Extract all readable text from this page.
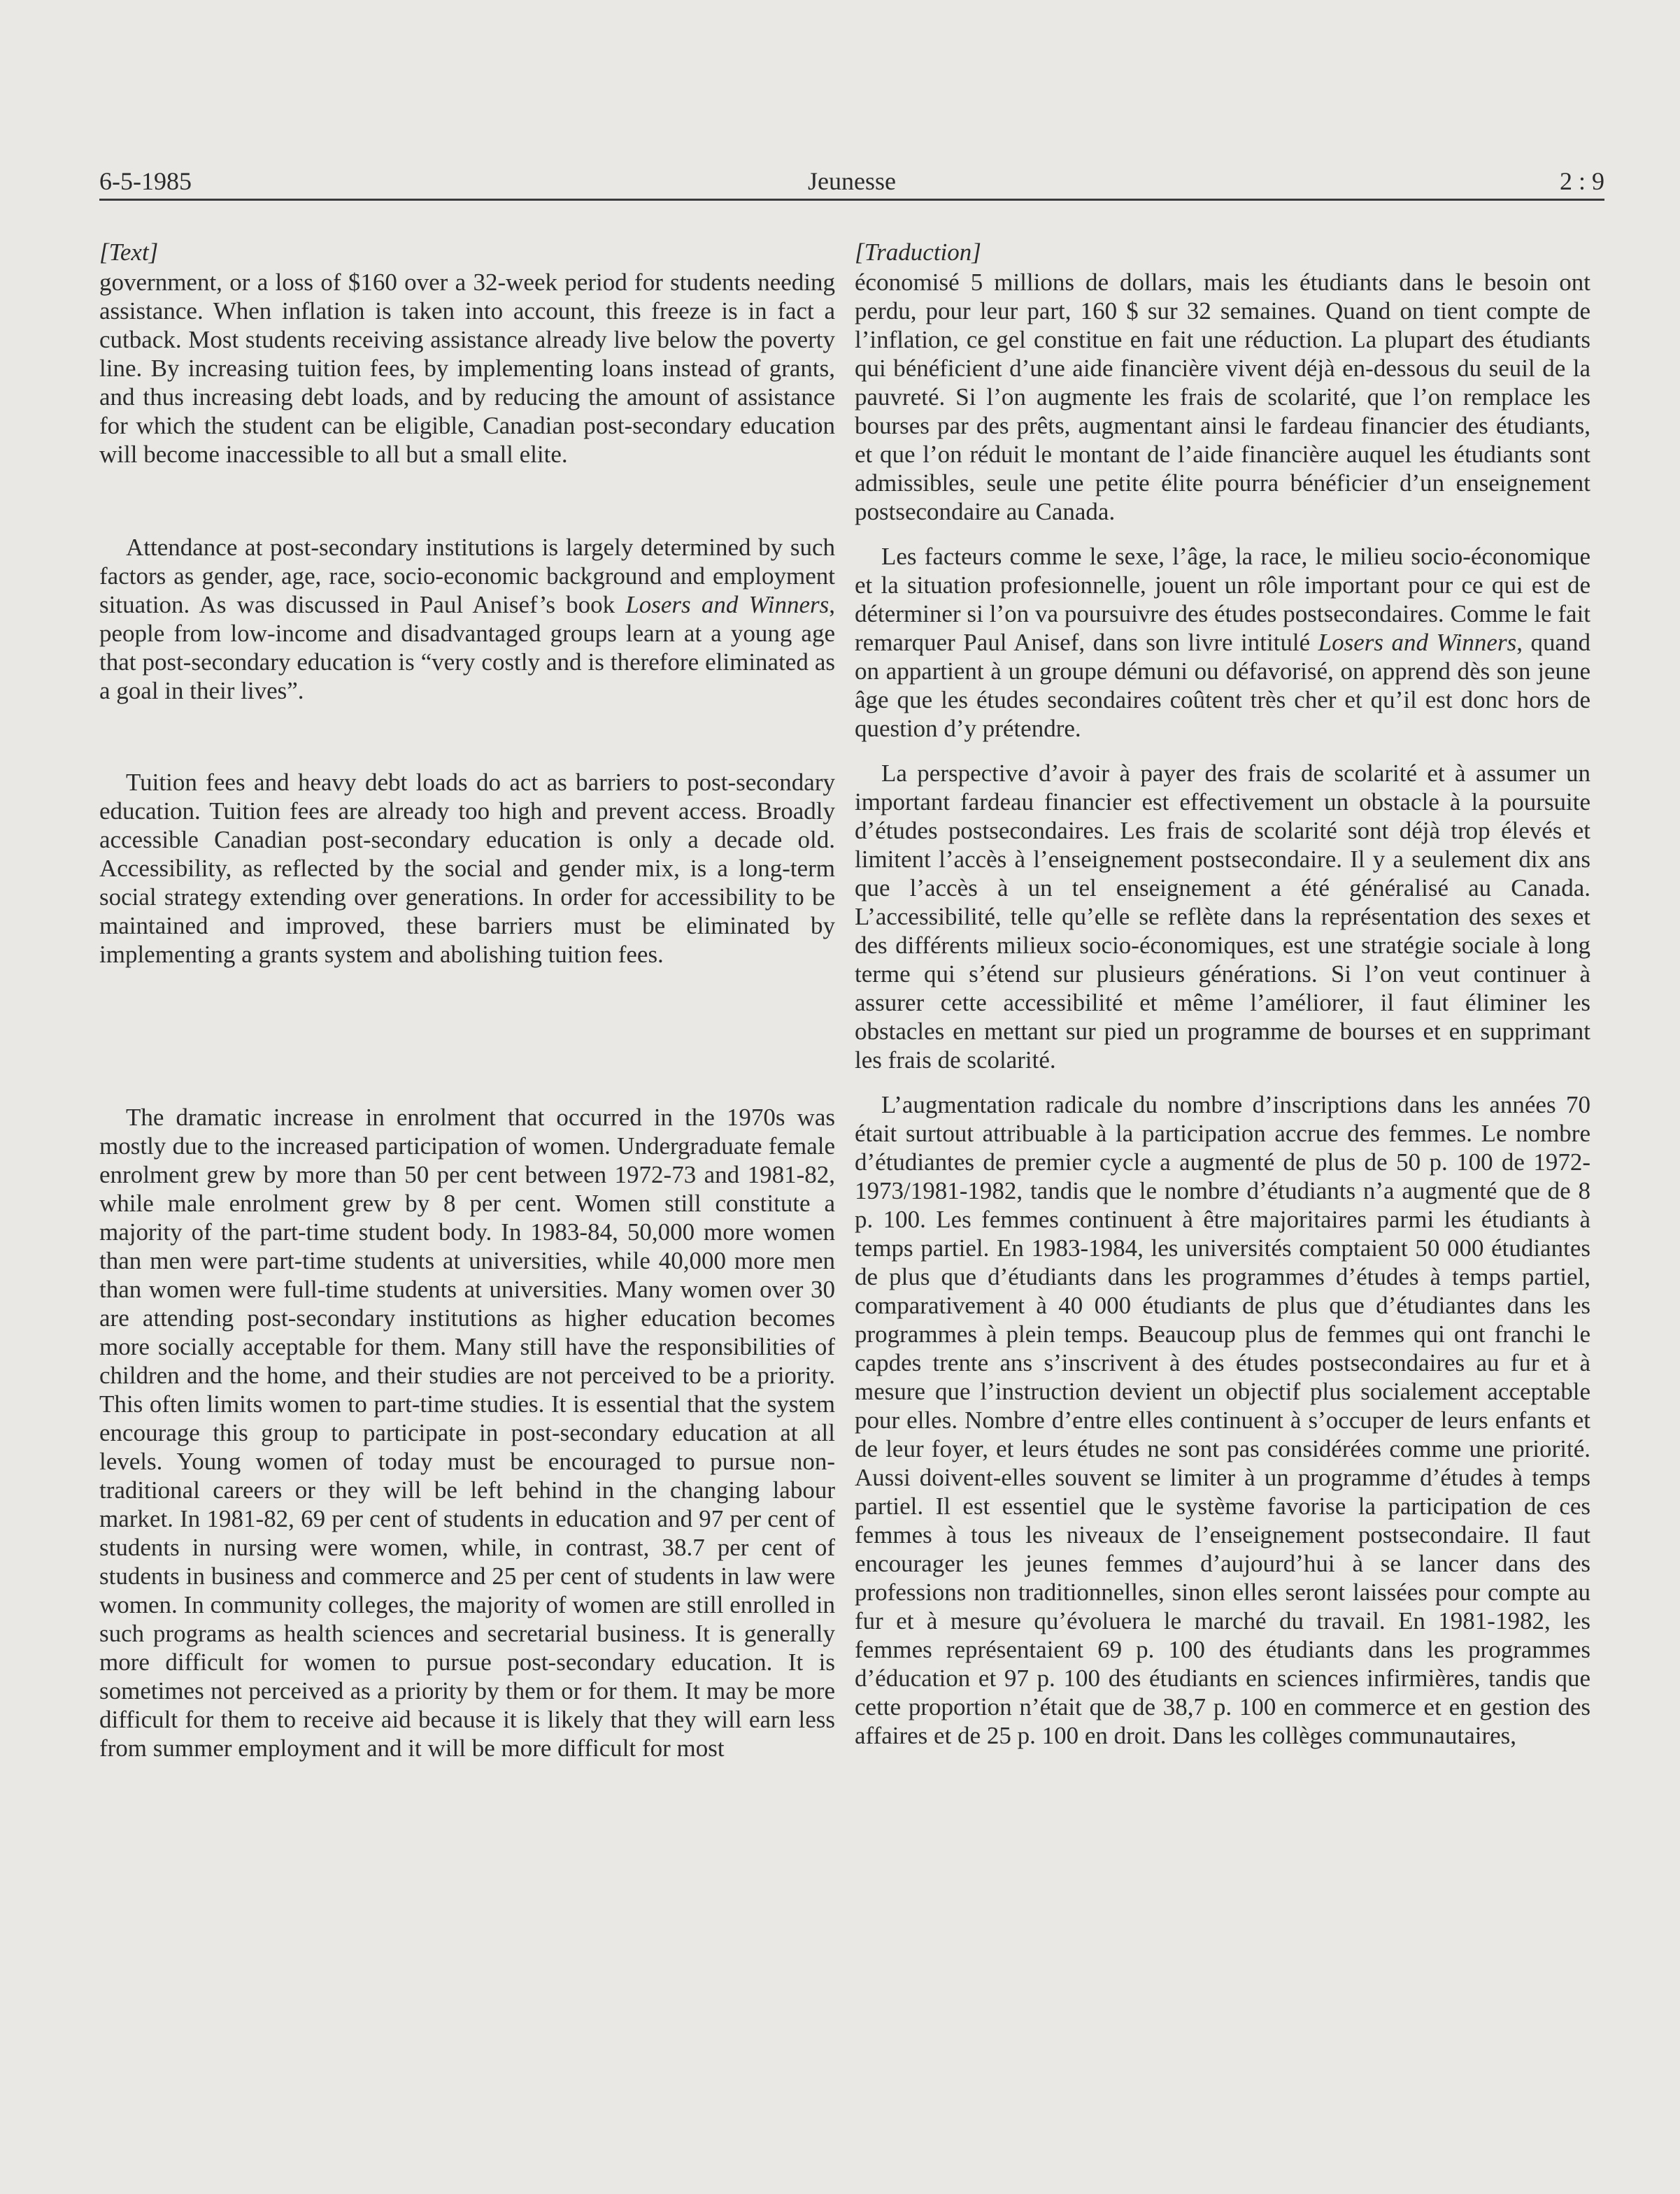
6-5-1985	Jeunesse	2 : 9

[Text]

government, or a loss of $160 over a 32-week period for students needing assistance. When inflation is taken into account, this freeze is in fact a cutback. Most students receiving assistance already live below the poverty line. By increasing tuition fees, by implementing loans instead of grants, and thus increasing debt loads, and by reducing the amount of assistance for which the student can be eligible, Canadian post-secondary education will become inaccessible to all but a small elite.

Attendance at post-secondary institutions is largely determined by such factors as gender, age, race, socio-economic background and employment situation. As was discussed in Paul Anisef’s book Losers and Winners, people from low-income and disadvantaged groups learn at a young age that post-secondary education is “very costly and is therefore eliminated as a goal in their lives”.

Tuition fees and heavy debt loads do act as barriers to post-secondary education. Tuition fees are already too high and prevent access. Broadly accessible Canadian post-secondary education is only a decade old. Accessibility, as reflected by the social and gender mix, is a long-term social strategy extending over generations. In order for accessibility to be maintained and improved, these barriers must be eliminated by implementing a grants system and abolishing tuition fees.

The dramatic increase in enrolment that occurred in the 1970s was mostly due to the increased participation of women. Undergraduate female enrolment grew by more than 50 per cent between 1972-73 and 1981-82, while male enrolment grew by 8 per cent. Women still constitute a majority of the part-time student body. In 1983-84, 50,000 more women than men were part-time students at universities, while 40,000 more men than women were full-time students at universities. Many women over 30 are attending post-secondary institutions as higher education becomes more socially acceptable for them. Many still have the responsibilities of children and the home, and their studies are not perceived to be a priority. This often limits women to part-time studies. It is essential that the system encourage this group to participate in post-secondary education at all levels. Young women of today must be encouraged to pursue non-traditional careers or they will be left behind in the changing labour market. In 1981-82, 69 per cent of students in education and 97 per cent of students in nursing were women, while, in contrast, 38.7 per cent of students in business and commerce and 25 per cent of students in law were women. In community colleges, the majority of women are still enrolled in such programs as health sciences and secretarial business. It is generally more difficult for women to pursue post-secondary education. It is sometimes not perceived as a priority by them or for them. It may be more difficult for them to receive aid because it is likely that they will earn less from summer employment and it will be more difficult for most

[Traduction]

économisé 5 millions de dollars, mais les étudiants dans le besoin ont perdu, pour leur part, 160 $ sur 32 semaines. Quand on tient compte de l’inflation, ce gel constitue en fait une réduction. La plupart des étudiants qui bénéficient d’une aide financière vivent déjà en-dessous du seuil de la pauvreté. Si l’on augmente les frais de scolarité, que l’on remplace les bourses par des prêts, augmentant ainsi le fardeau financier des étudiants, et que l’on réduit le montant de l’aide financière auquel les étudiants sont admissibles, seule une petite élite pourra bénéficier d’un enseignement postsecondaire au Canada.

Les facteurs comme le sexe, l’âge, la race, le milieu socio-économique et la situation profesionnelle, jouent un rôle important pour ce qui est de déterminer si l’on va poursuivre des études postsecondaires. Comme le fait remarquer Paul Anisef, dans son livre intitulé Losers and Winners, quand on appartient à un groupe démuni ou défavorisé, on apprend dès son jeune âge que les études secondaires coûtent très cher et qu’il est donc hors de question d’y prétendre.

La perspective d’avoir à payer des frais de scolarité et à assumer un important fardeau financier est effectivement un obstacle à la poursuite d’études postsecondaires. Les frais de scolarité sont déjà trop élevés et limitent l’accès à l’enseignement postsecondaire. Il y a seulement dix ans que l’accès à un tel enseignement a été généralisé au Canada. L’accessibilité, telle qu’elle se reflète dans la représentation des sexes et des différents milieux socio-économiques, est une stratégie sociale à long terme qui s’étend sur plusieurs générations. Si l’on veut continuer à assurer cette accessibilité et même l’améliorer, il faut éliminer les obstacles en mettant sur pied un programme de bourses et en supprimant les frais de scolarité.

L’augmentation radicale du nombre d’inscriptions dans les années 70 était surtout attribuable à la participation accrue des femmes. Le nombre d’étudiantes de premier cycle a augmenté de plus de 50 p. 100 de 1972-1973/1981-1982, tandis que le nombre d’étudiants n’a augmenté que de 8 p. 100. Les femmes continuent à être majoritaires parmi les étudiants à temps partiel. En 1983-1984, les universités comptaient 50 000 étudiantes de plus que d’étudiants dans les programmes d’études à temps partiel, comparativement à 40 000 étudiants de plus que d’étudiantes dans les programmes à plein temps. Beaucoup plus de femmes qui ont franchi le capdes trente ans s’inscrivent à des études postsecondaires au fur et à mesure que l’instruction devient un objectif plus socialement acceptable pour elles. Nombre d’entre elles continuent à s’occuper de leurs enfants et de leur foyer, et leurs études ne sont pas considérées comme une priorité. Aussi doivent-elles souvent se limiter à un programme d’études à temps partiel. Il est essentiel que le système favorise la participation de ces femmes à tous les niveaux de l’enseignement postsecondaire. Il faut encourager les jeunes femmes d’aujourd’hui à se lancer dans des professions non traditionnelles, sinon elles seront laissées pour compte au fur et à mesure qu’évoluera le marché du travail. En 1981-1982, les femmes représentaient 69 p. 100 des étudiants dans les programmes d’éducation et 97 p. 100 des étudiants en sciences infirmières, tandis que cette proportion n’était que de 38,7 p. 100 en commerce et en gestion des affaires et de 25 p. 100 en droit. Dans les collèges communautaires,
